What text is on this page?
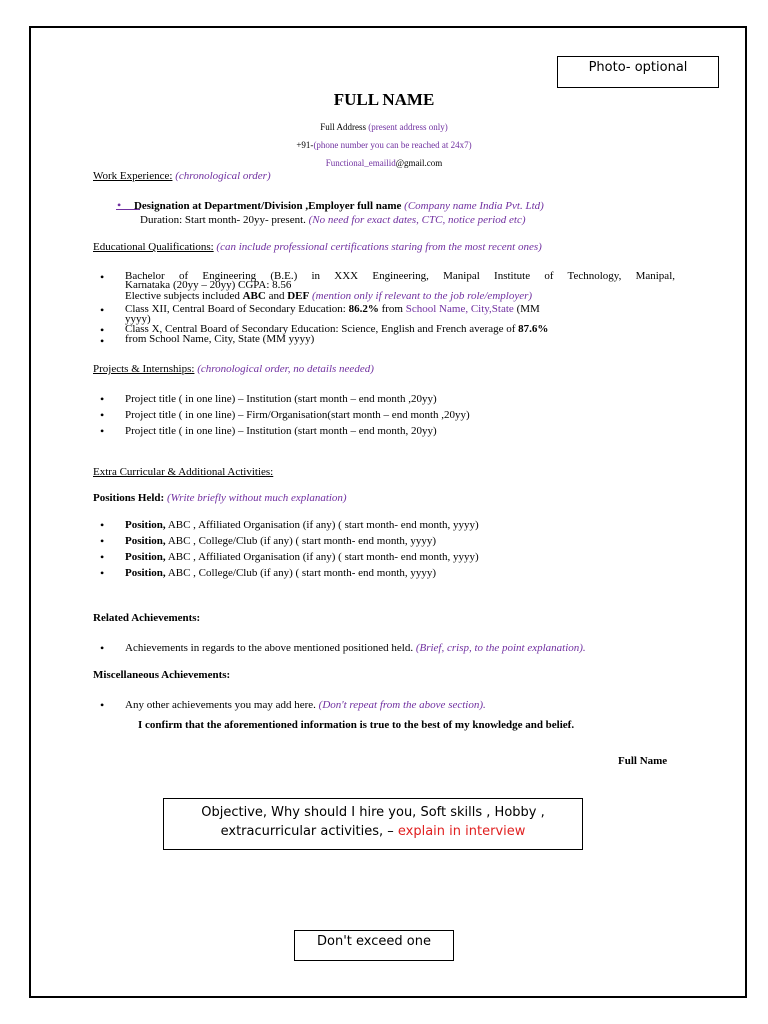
Photo- optional
FULL NAME
Full Address (present address only)
+91-(phone number you can be reached at 24x7)
Functional_emailid@gmail.com
Work Experience: (chronological order)
• Designation at Department/Division ,Employer full name (Company name India Pvt. Ltd)
Duration: Start month- 20yy- present. (No need for exact dates, CTC, notice period etc)
Educational Qualifications: (can include professional certifications staring from the most recent ones)
• Bachelor of Engineering (B.E.) in XXX Engineering, Manipal Institute of Technology, Manipal,
Karnataka (20yy – 20yy) CGPA: 8.56
Elective subjects included ABC and DEF (mention only if relevant to the job role/employer)
• Class XII, Central Board of Secondary Education: 86.2% from School Name, City,State (MM
yyyy)
• Class X, Central Board of Secondary Education: Science, English and French average of 87.6%
• from School Name, City, State (MM yyyy)
Projects & Internships: (chronological order, no details needed)
• Project title ( in one line) – Institution (start month – end month ,20yy)
• Project title ( in one line) – Firm/Organisation(start month – end month ,20yy)
• Project title ( in one line) – Institution (start month – end month, 20yy)
Extra Curricular & Additional Activities:
Positions Held: (Write briefly without much explanation)
• Position, ABC , Affiliated Organisation (if any) ( start month- end month, yyyy)
• Position, ABC , College/Club (if any) ( start month- end month, yyyy)
• Position, ABC , Affiliated Organisation (if any) ( start month- end month, yyyy)
• Position, ABC , College/Club (if any) ( start month- end month, yyyy)
Related Achievements:
• Achievements in regards to the above mentioned positioned held. (Brief, crisp, to the point explanation).
Miscellaneous Achievements:
• Any other achievements you may add here. (Don't repeat from the above section).
I confirm that the aforementioned information is true to the best of my knowledge and belief.
Full Name
Objective, Why should I hire you, Soft skills , Hobby ,
extracurricular activities, – explain in interview
Don't exceed one
